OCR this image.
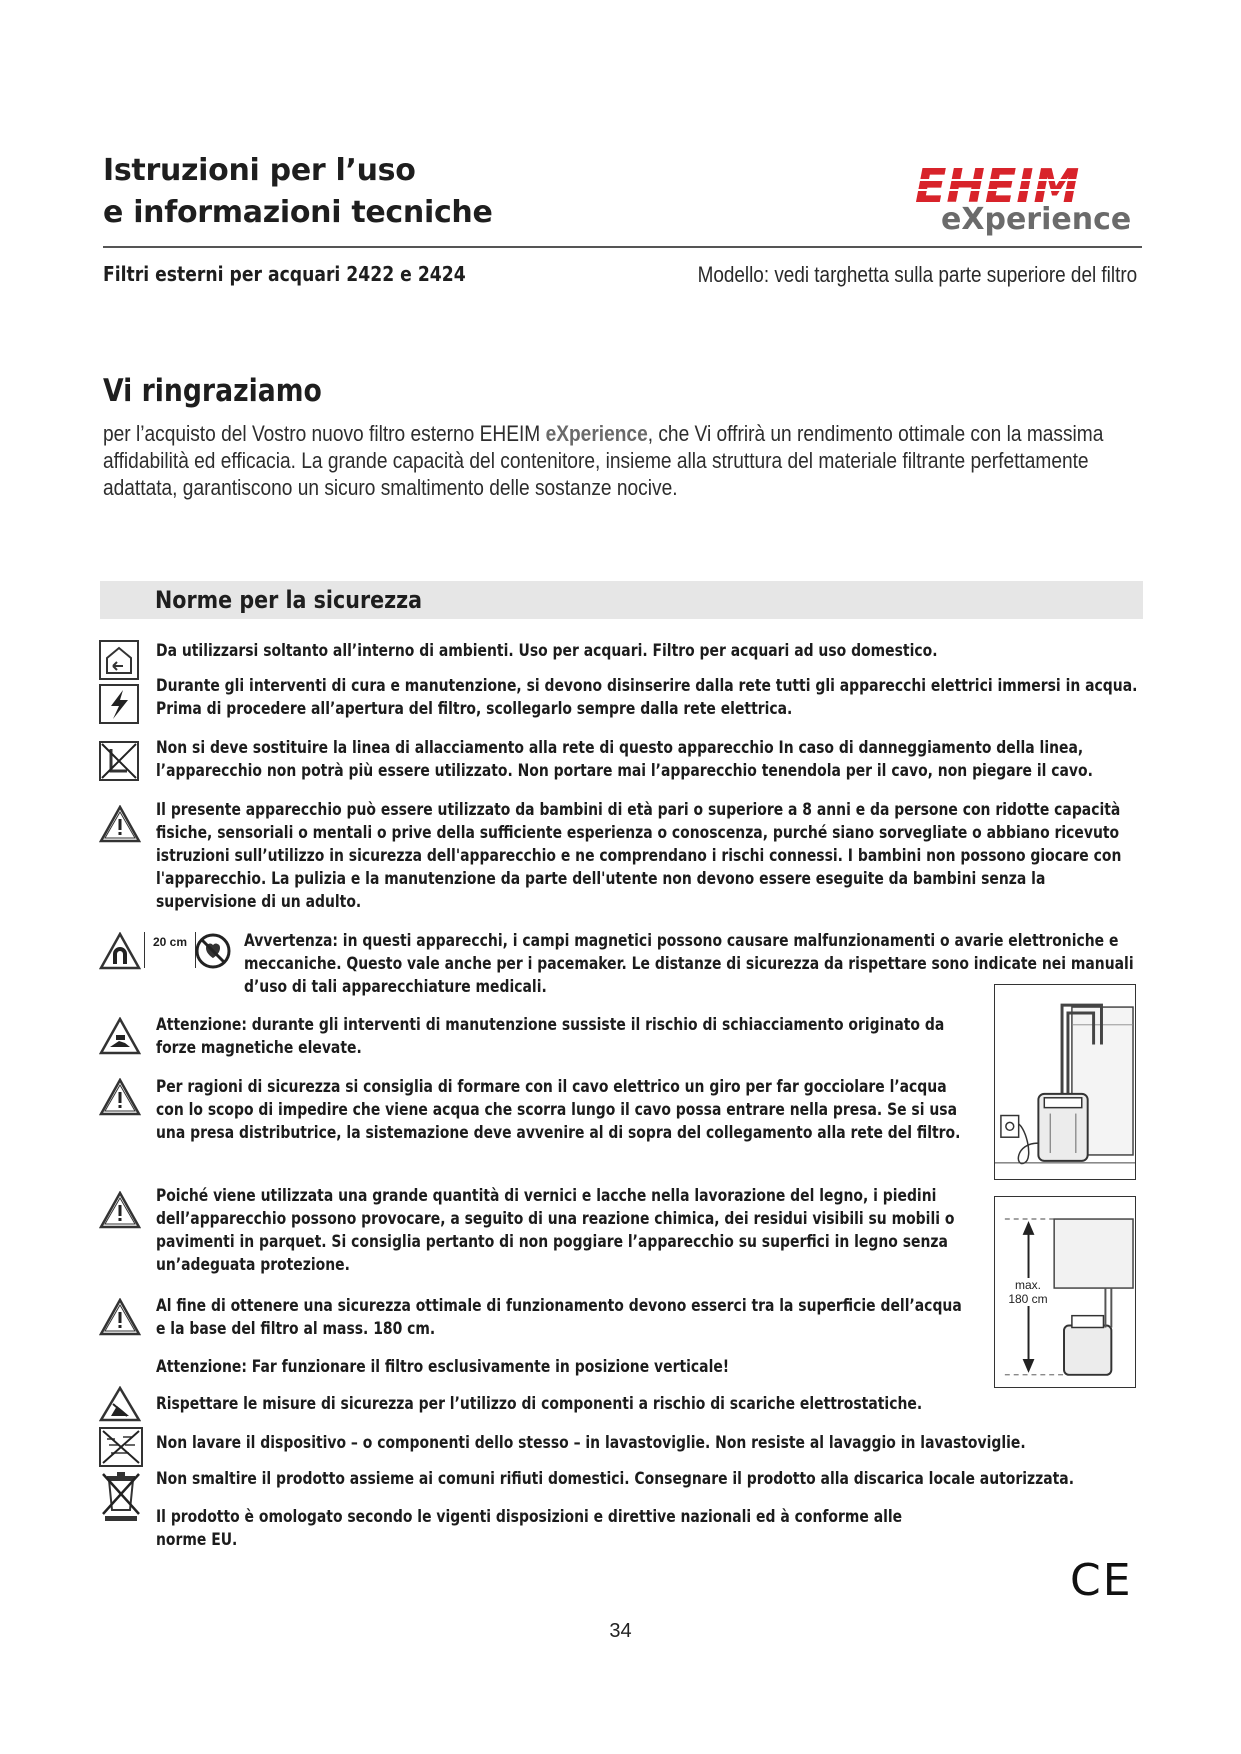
Istruzioni per l’uso
e informazioni tecniche	EHEIM
eXperience
Filtri esterni per acquari 2422 e 2424	Modello: vedi targhetta sulla parte superiore del filtro
Vi ringraziamo
per l’acquisto del Vostro nuovo filtro esterno EHEIM eXperience, che Vi offrirà un rendimento ottimale con la massima affidabilità ed efficacia. La grande capacità del contenitore, insieme alla struttura del materiale filtrante perfettamente adattata, garantiscono un sicuro smaltimento delle sostanze nocive.
Norme per la sicurezza
Da utilizzarsi soltanto all’interno di ambienti. Uso per acquari. Filtro per acquari ad uso domestico.
Durante gli interventi di cura e manutenzione, si devono disinserire dalla rete tutti gli apparecchi elettrici immersi in acqua. Prima di procedere all’apertura del filtro, scollegarlo sempre dalla rete elettrica.
Non si deve sostituire la linea di allacciamento alla rete di questo apparecchio In caso di danneggiamento della linea, l’apparecchio non potrà più essere utilizzato. Non portare mai l’apparecchio tenendola per il cavo, non piegare il cavo.
Il presente apparecchio può essere utilizzato da bambini di età pari o superiore a 8 anni e da persone con ridotte capacità fisiche, sensoriali o mentali o prive della sufficiente esperienza o conoscenza, purché siano sorvegliate o abbiano ricevuto istruzioni sull’utilizzo in sicurezza dell'apparecchio e ne comprendano i rischi connessi. I bambini non possono giocare con l'apparecchio. La pulizia e la manutenzione da parte dell'utente non devono essere eseguite da bambini senza la supervisione di un adulto.
Avvertenza: in questi apparecchi, i campi magnetici possono causare malfunzionamenti o avarie elettroniche e meccaniche. Questo vale anche per i pacemaker. Le distanze di sicurezza da rispettare sono indicate nei manuali d’uso di tali apparecchiature medicali.
Attenzione: durante gli interventi di manutenzione sussiste il rischio di schiacciamento originato da forze magnetiche elevate.
Per ragioni di sicurezza si consiglia di formare con il cavo elettrico un giro per far gocciolare l’acqua con lo scopo di impedire che viene acqua che scorra lungo il cavo possa entrare nella presa. Se si usa una presa distributrice, la sistemazione deve avvenire al di sopra del collegamento alla rete del filtro.
Poiché viene utilizzata una grande quantità di vernici e lacche nella lavorazione del legno, i piedini dell’apparecchio possono provocare, a seguito di una reazione chimica, dei residui visibili su mobili o pavimenti in parquet. Si consiglia pertanto di non poggiare l’apparecchio su superfici in legno senza un’adeguata protezione.
Al fine di ottenere una sicurezza ottimale di funzionamento devono esserci tra la superficie dell’acqua e la base del filtro al mass. 180 cm.
Attenzione: Far funzionare il filtro esclusivamente in posizione verticale!
Rispettare le misure di sicurezza per l’utilizzo di componenti a rischio di scariche elettrostatiche.
Non lavare il dispositivo – o componenti dello stesso – in lavastoviglie. Non resiste al lavaggio in lavastoviglie.
Non smaltire il prodotto assieme ai comuni rifiuti domestici. Consegnare il prodotto alla discarica locale autorizzata.
Il prodotto è omologato secondo le vigenti disposizioni e direttive nazionali ed à conforme alle norme EU.
20 cm
max.
180 cm
CE
34
